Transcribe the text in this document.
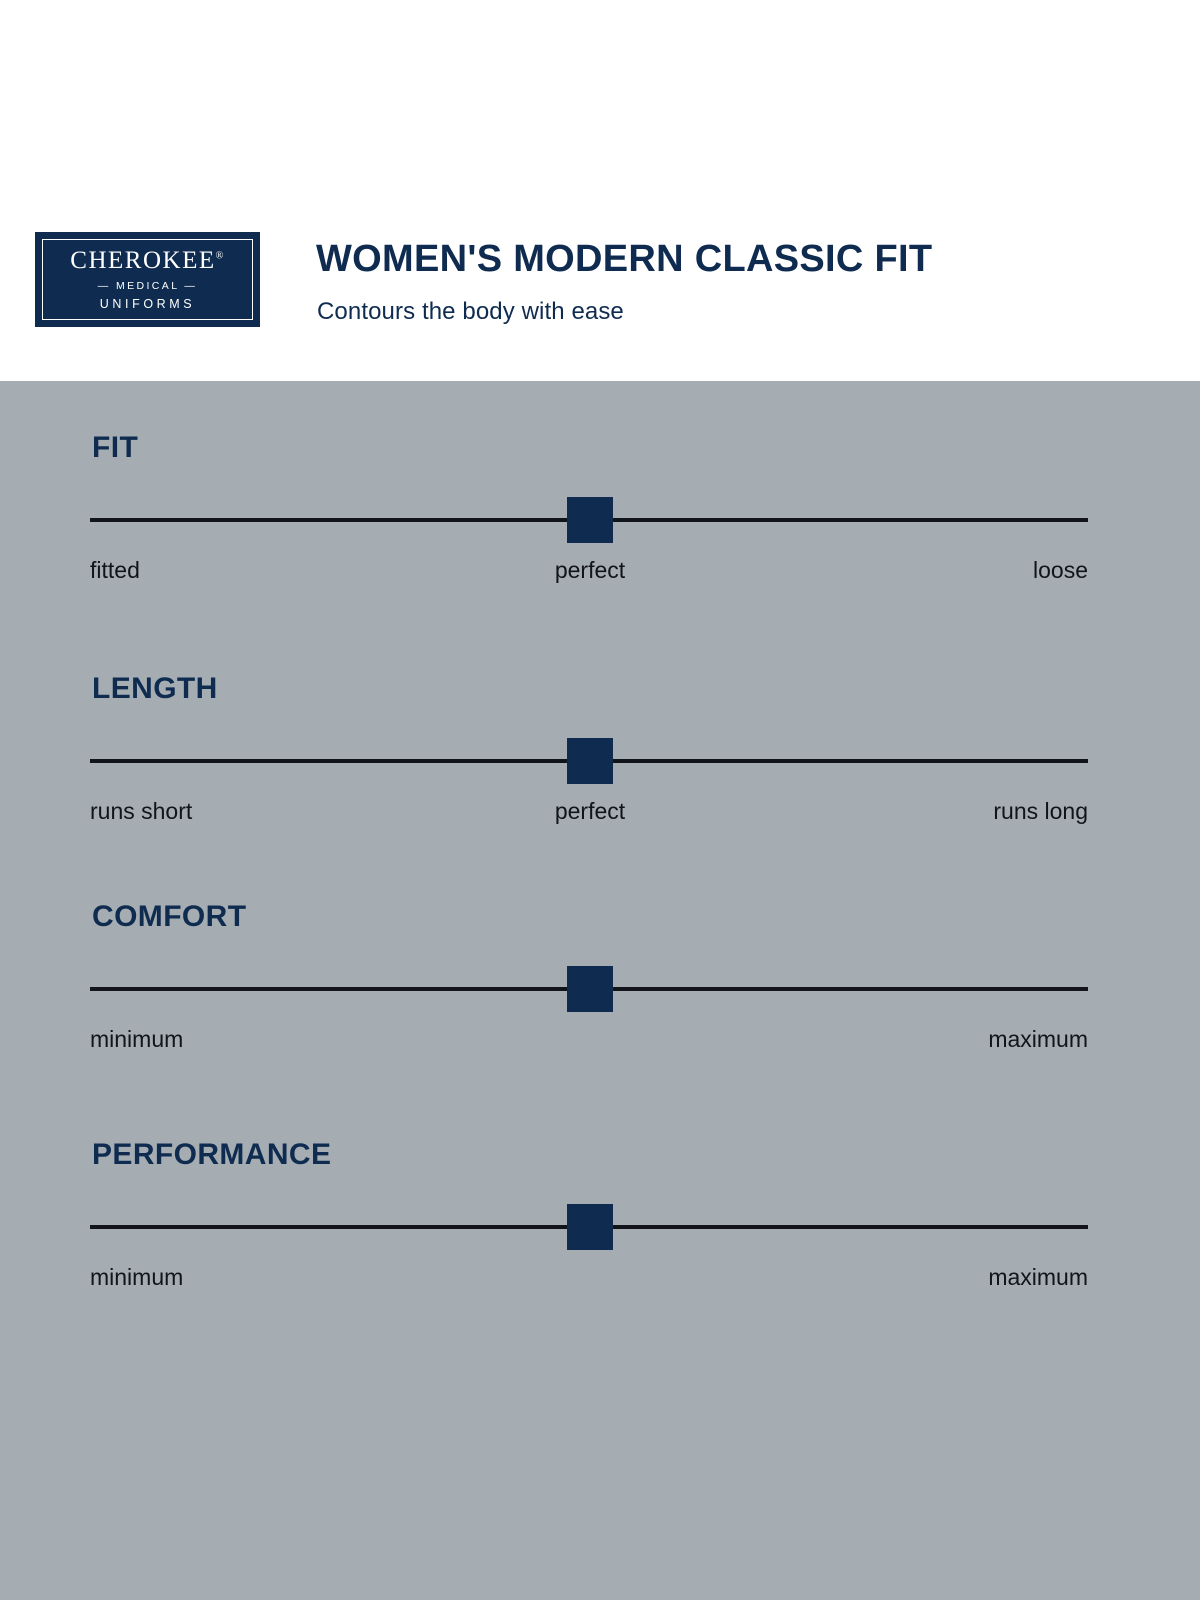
CHEROKEE®
— MEDICAL —
UNIFORMS
WOMEN'S MODERN CLASSIC FIT
Contours the body with ease
FIT
fitted	perfect	loose
LENGTH
runs short	perfect	runs long
COMFORT
minimum	maximum
PERFORMANCE
minimum	maximum
